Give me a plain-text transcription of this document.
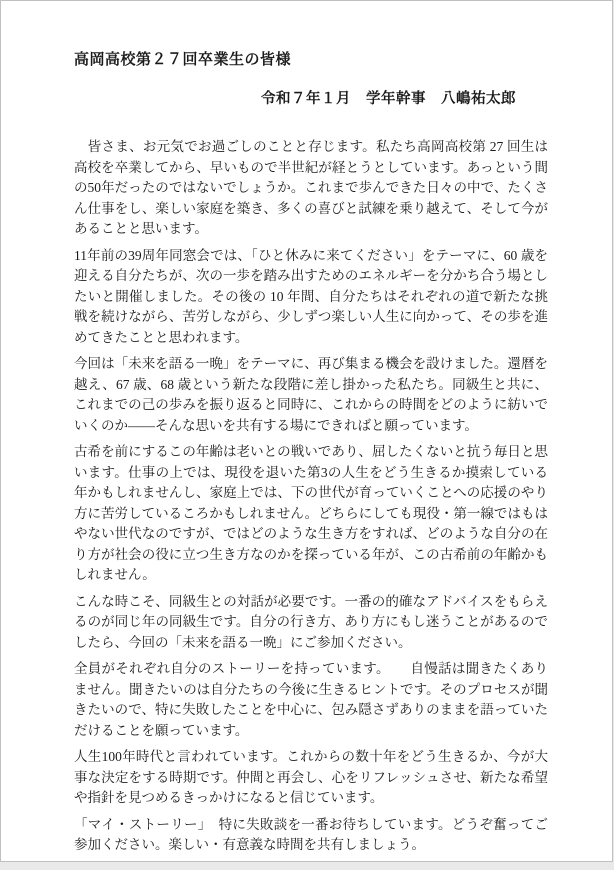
高岡高校第２７回卒業生の皆様
令和７年１月　学年幹事　八嶋祐太郎

　皆さま、お元気でお過ごしのことと存じます。私たち高岡高校第 27 回生は高校を卒業してから、早いもので半世紀が経とうとしています。あっという間の50年だったのではないでしょうか。これまで歩んできた日々の中で、たくさん仕事をし、楽しい家庭を築き、多くの喜びと試練を乗り越えて、そして今があることと思います。

11年前の39周年同窓会では、「ひと休みに来てください」をテーマに、60 歳を迎える自分たちが、次の一歩を踏み出すためのエネルギーを分かち合う場としたいと開催しました。その後の 10 年間、自分たちはそれぞれの道で新たな挑戦を続けながら、苦労しながら、少しずつ楽しい人生に向かって、その歩を進めてきたことと思われます。

今回は「未来を語る一晩」をテーマに、再び集まる機会を設けました。還暦を越え、67 歳、68 歳という新たな段階に差し掛かった私たち。同級生と共に、これまでの己の歩みを振り返ると同時に、これからの時間をどのように紡いでいくのか――そんな思いを共有する場にできればと願っています。

古希を前にするこの年齢は老いとの戦いであり、屈したくないと抗う毎日と思います。仕事の上では、現役を退いた第3の人生をどう生きるか摸索している年かもしれませんし、家庭上では、下の世代が育っていくことへの応援のやり方に苦労しているころかもしれません。どちらにしても現役・第一線ではもはやない世代なのですが、ではどのような生き方をすれば、どのような自分の在り方が社会の役に立つ生き方なのかを探っている年が、この古希前の年齢かもしれません。

こんな時こそ、同級生との対話が必要です。一番の的確なアドバイスをもらえるのが同じ年の同級生です。自分の行き方、あり方にもし迷うことがあるのでしたら、今回の「未来を語る一晩」にご参加ください。

全員がそれぞれ自分のストーリーを持っています。　　自慢話は聞きたくありません。聞きたいのは自分たちの今後に生きるヒントです。そのプロセスが聞きたいので、特に失敗したことを中心に、包み隠さずありのままを語っていただけることを願っています。

人生100年時代と言われています。これからの数十年をどう生きるか、今が大事な決定をする時期です。仲間と再会し、心をリフレッシュさせ、新たな希望や指針を見つめるきっかけになると信じています。

「マイ・ストーリー」　特に失敗談を一番お待ちしています。どうぞ奮ってご参加ください。楽しい・有意義な時間を共有しましょう。
